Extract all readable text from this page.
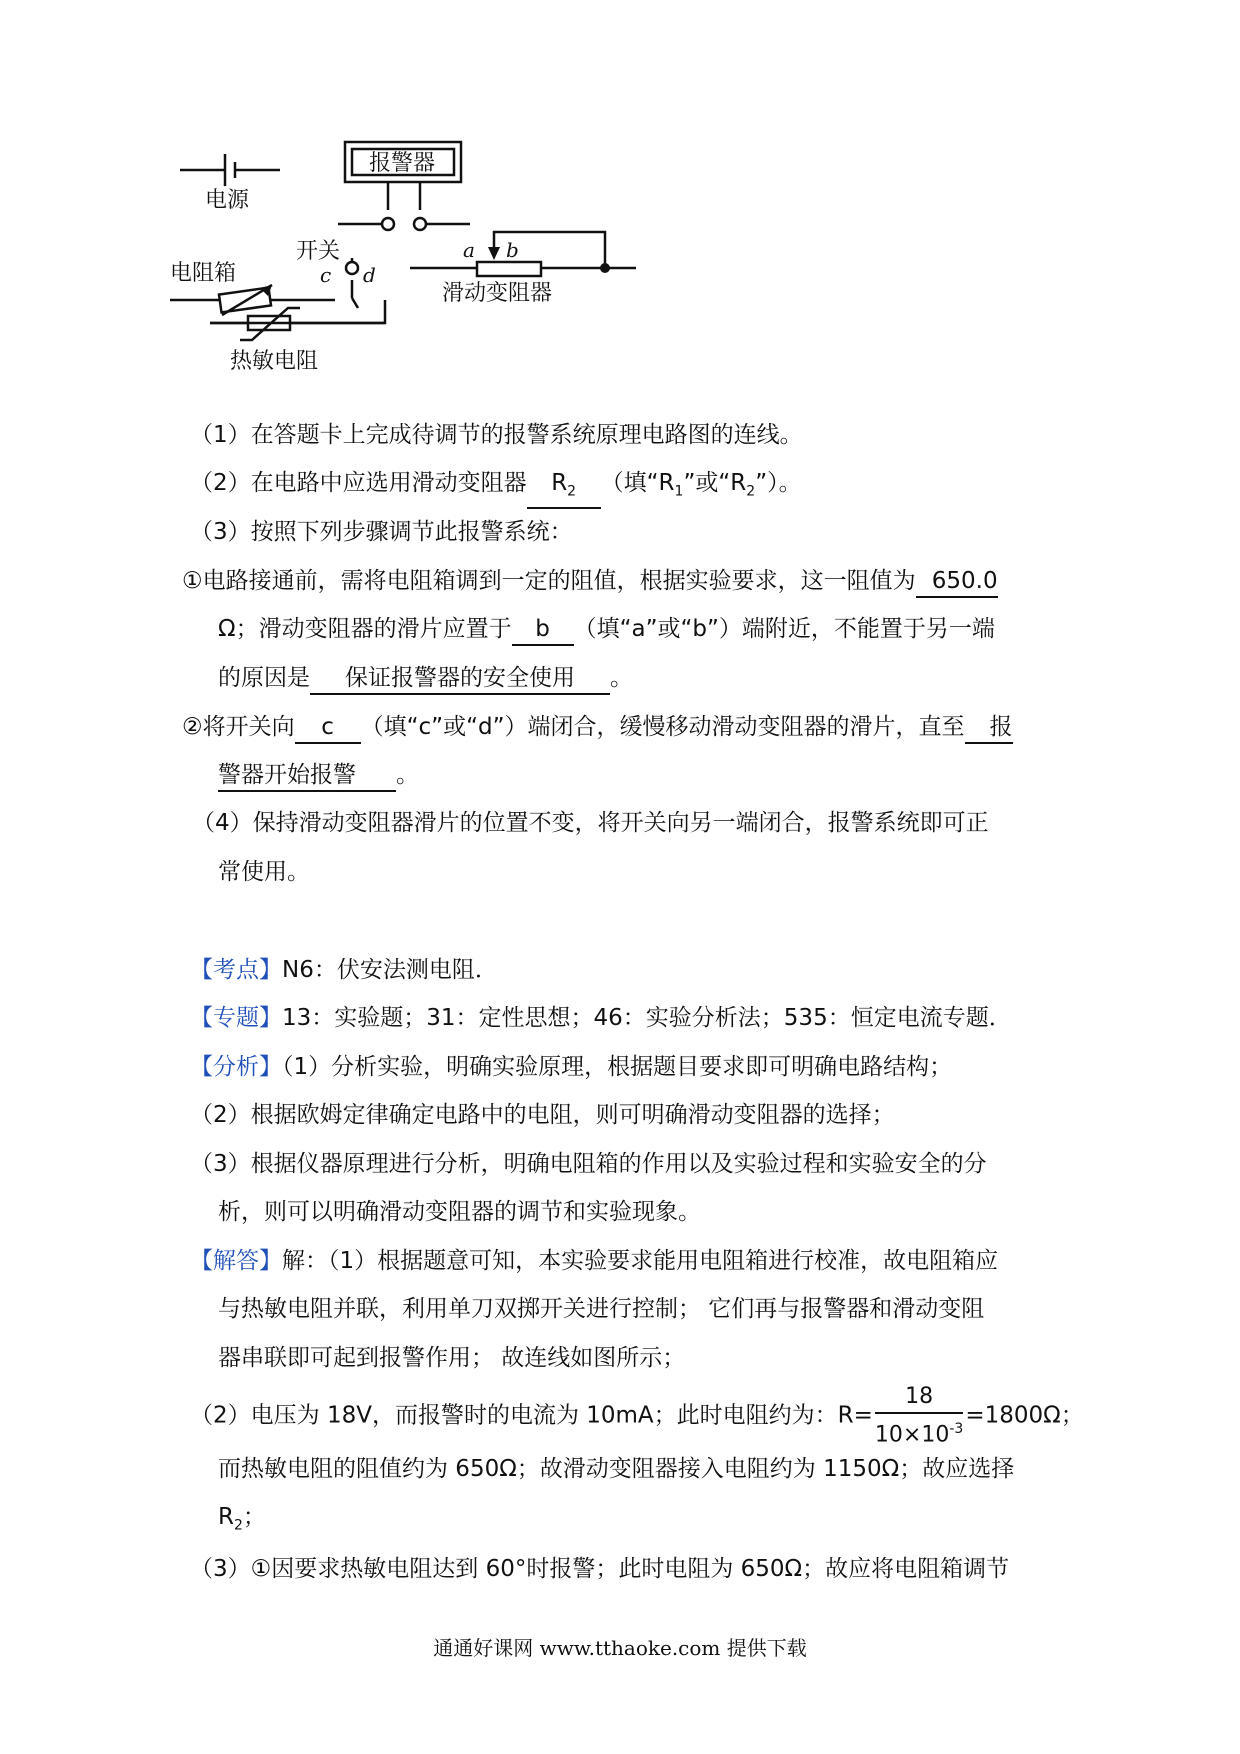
电源
报警器
开关
电阻箱
滑动变阻器
热敏电阻
a b
c d
（1）在答题卡上完成待调节的报警系统原理电路图的连线。
（2）在电路中应选用滑动变阻器 $R_2$ （填“$R_1$”或“$R_2$”）。
（3）按照下列步骤调节此报警系统：
①电路接通前，需将电阻箱调到一定的阻值，根据实验要求，这一阻值为 650.0
Ω；滑动变阻器的滑片应置于 b （填“a”或“b”）端附近，不能置于另一端
的原因是 保证报警器的安全使用 。
②将开关向 c （填“c”或“d”）端闭合，缓慢移动滑动变阻器的滑片，直至 报
警器开始报警 。
（4）保持滑动变阻器滑片的位置不变，将开关向另一端闭合，报警系统即可正
常使用。
【考点】N6：伏安法测电阻．
【专题】13：实验题；31：定性思想；46：实验分析法；535：恒定电流专题．
【分析】（1）分析实验，明确实验原理，根据题目要求即可明确电路结构；
（2）根据欧姆定律确定电路中的电阻，则可明确滑动变阻器的选择；
（3）根据仪器原理进行分析，明确电阻箱的作用以及实验过程和实验安全的分
析，则可以明确滑动变阻器的调节和实验现象。
【解答】解：（1）根据题意可知，本实验要求能用电阻箱进行校准，故电阻箱应
与热敏电阻并联，利用单刀双掷开关进行控制； 它们再与报警器和滑动变阻
器串联即可起到报警作用； 故连线如图所示；
（2）电压为 18V，而报警时的电流为 10mA；此时电阻约为：$R= \frac{18}{10\times 10^{-3}} =1800\Omega$；
而热敏电阻的阻值约为 650Ω；故滑动变阻器接入电阻约为 1150Ω；故应选择
$R_2$；
（3）①因要求热敏电阻达到 60°时报警；此时电阻为 650Ω；故应将电阻箱调节
通通好课网 www.tthaoke.com 提供下载
